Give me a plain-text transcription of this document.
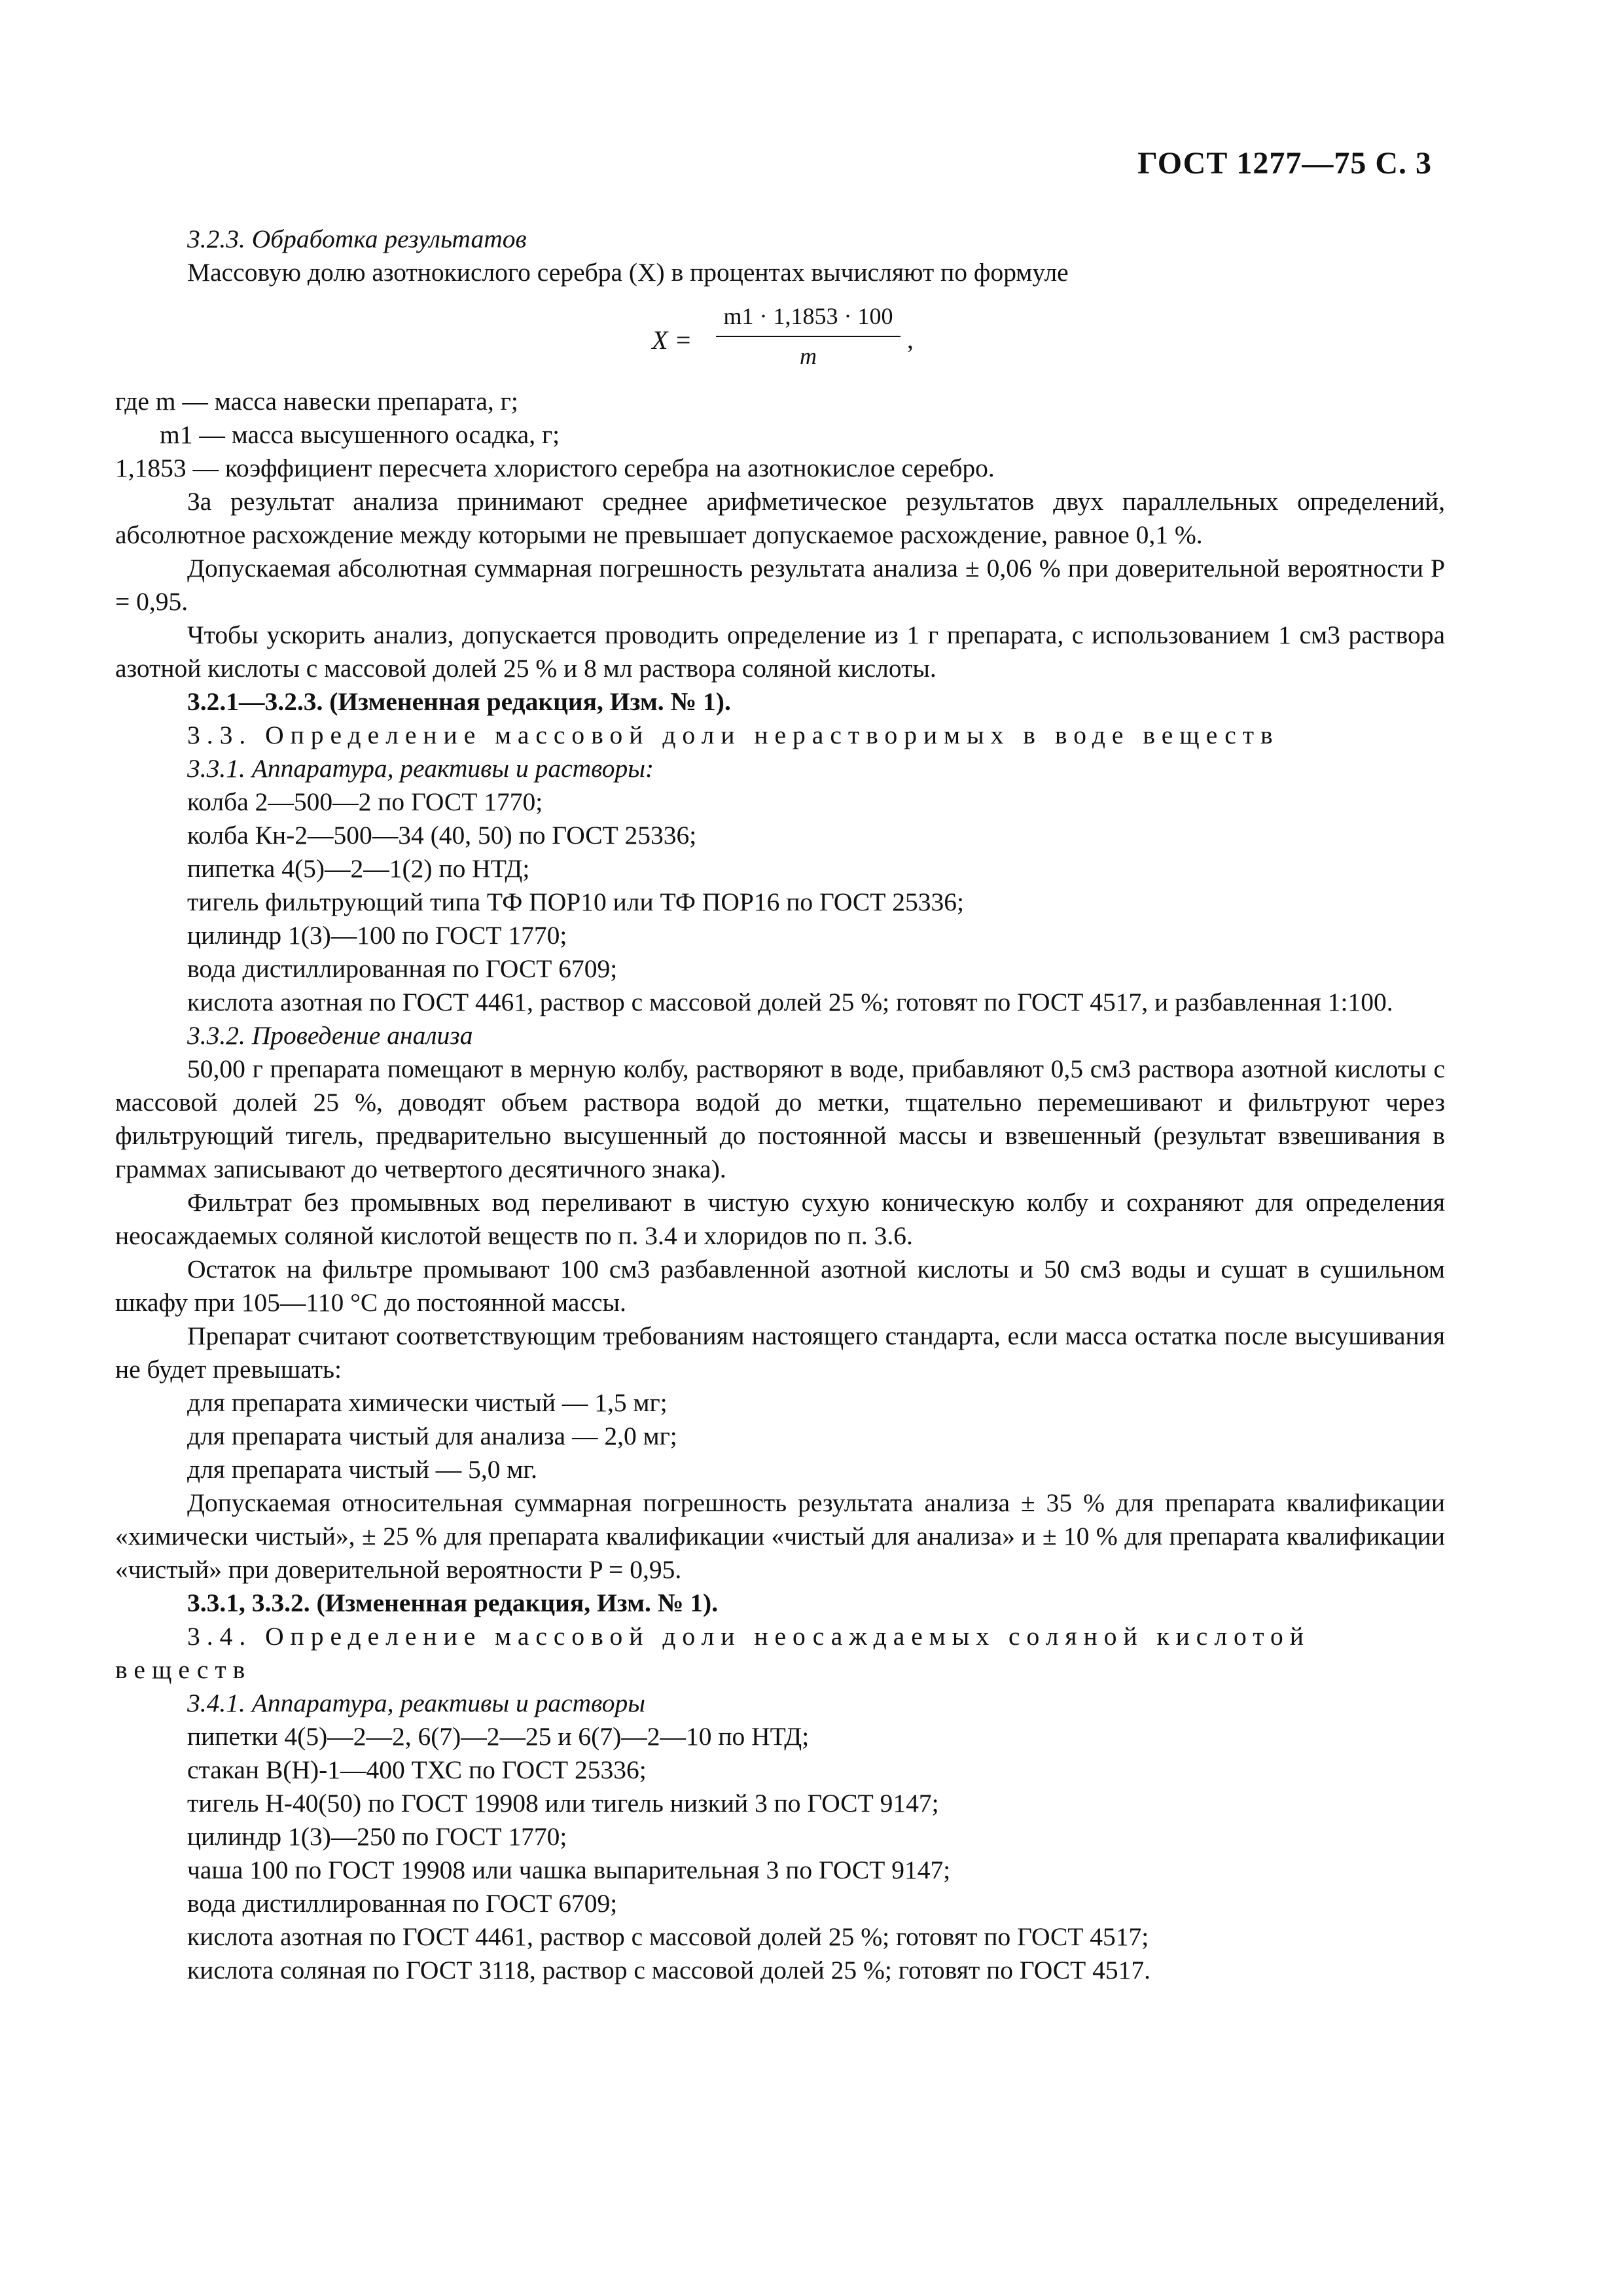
ГОСТ 1277—75 С. 3

3.2.3. Обработка результатов

Массовую долю азотнокислого серебра (X) в процентах вычисляют по формуле

$X = \frac{m1 \cdot 1,1853 \cdot 100}{m}$ ,

где m — масса навески препарата, г;

m1 — масса высушенного осадка, г;

1,1853 — коэффициент пересчета хлористого серебра на азотнокислое серебро.

За результат анализа принимают среднее арифметическое результатов двух параллельных определений, абсолютное расхождение между которыми не превышает допускаемое расхождение, равное 0,1 %.

Допускаемая абсолютная суммарная погрешность результата анализа ± 0,06 % при доверительной вероятности P = 0,95.

Чтобы ускорить анализ, допускается проводить определение из 1 г препарата, с использованием 1 см3 раствора азотной кислоты с массовой долей 25 % и 8 мл раствора соляной кислоты.

3.2.1—3.2.3. (Измененная редакция, Изм. № 1).

3.3. Определение массовой доли нерастворимых в воде веществ

3.3.1. Аппаратура, реактивы и растворы:

колба 2—500—2 по ГОСТ 1770;

колба Кн-2—500—34 (40, 50) по ГОСТ 25336;

пипетка 4(5)—2—1(2) по НТД;

тигель фильтрующий типа ТФ ПОР10 или ТФ ПОР16 по ГОСТ 25336;

цилиндр 1(3)—100 по ГОСТ 1770;

вода дистиллированная по ГОСТ 6709;

кислота азотная по ГОСТ 4461, раствор с массовой долей 25 %; готовят по ГОСТ 4517, и разбавленная 1:100.

3.3.2. Проведение анализа

50,00 г препарата помещают в мерную колбу, растворяют в воде, прибавляют 0,5 см3 раствора азотной кислоты с массовой долей 25 %, доводят объем раствора водой до метки, тщательно перемешивают и фильтруют через фильтрующий тигель, предварительно высушенный до постоянной массы и взвешенный (результат взвешивания в граммах записывают до четвертого десятичного знака).

Фильтрат без промывных вод переливают в чистую сухую коническую колбу и сохраняют для определения неосаждаемых соляной кислотой веществ по п. 3.4 и хлоридов по п. 3.6.

Остаток на фильтре промывают 100 см3 разбавленной азотной кислоты и 50 см3 воды и сушат в сушильном шкафу при 105—110 °С до постоянной массы.

Препарат считают соответствующим требованиям настоящего стандарта, если масса остатка после высушивания не будет превышать:

для препарата химически чистый — 1,5 мг;

для препарата чистый для анализа — 2,0 мг;

для препарата чистый — 5,0 мг.

Допускаемая относительная суммарная погрешность результата анализа ± 35 % для препарата квалификации «химически чистый», ± 25 % для препарата квалификации «чистый для анализа» и ± 10 % для препарата квалификации «чистый» при доверительной вероятности P = 0,95.

3.3.1, 3.3.2. (Измененная редакция, Изм. № 1).

3.4. Определение массовой доли неосаждаемых соляной кислотой веществ

3.4.1. Аппаратура, реактивы и растворы

пипетки 4(5)—2—2, 6(7)—2—25 и 6(7)—2—10 по НТД;

стакан В(Н)-1—400 ТХС по ГОСТ 25336;

тигель Н-40(50) по ГОСТ 19908 или тигель низкий 3 по ГОСТ 9147;

цилиндр 1(3)—250 по ГОСТ 1770;

чаша 100 по ГОСТ 19908 или чашка выпарительная 3 по ГОСТ 9147;

вода дистиллированная по ГОСТ 6709;

кислота азотная по ГОСТ 4461, раствор с массовой долей 25 %; готовят по ГОСТ 4517;

кислота соляная по ГОСТ 3118, раствор с массовой долей 25 %; готовят по ГОСТ 4517.
